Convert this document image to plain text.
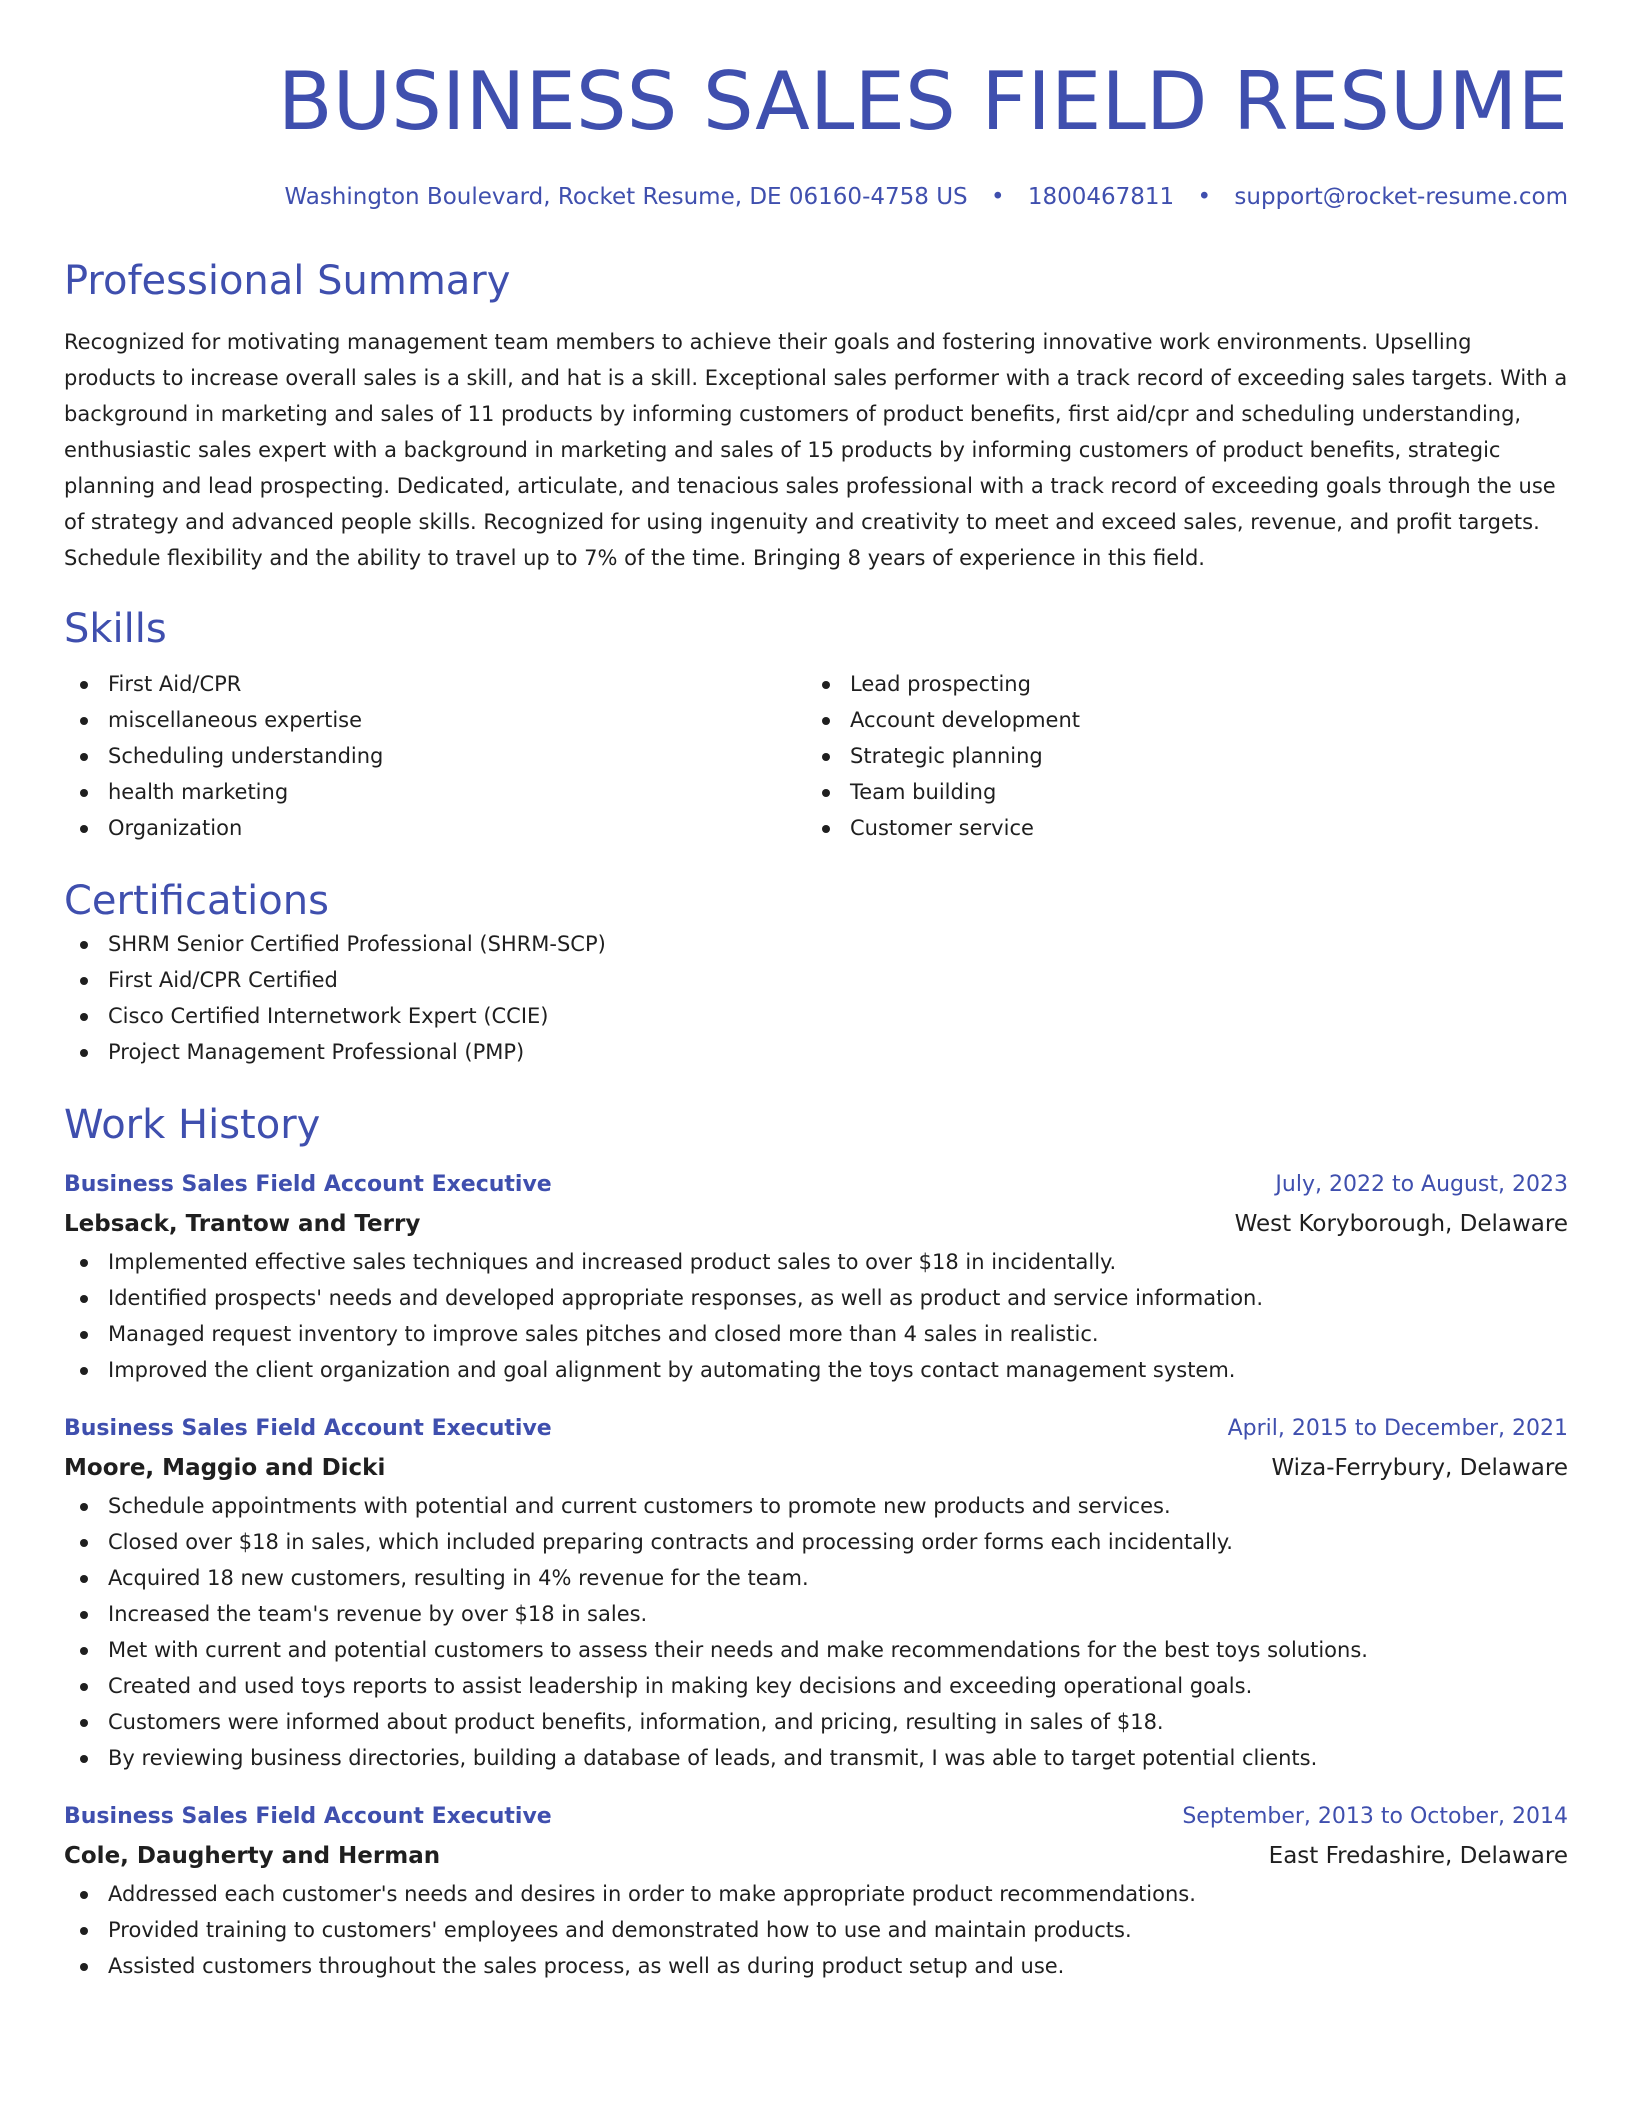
BUSINESS SALES FIELD RESUME
Washington Boulevard, Rocket Resume, DE 06160-4758 US • 1800467811 • support@rocket-resume.com
Professional Summary
Recognized for motivating management team members to achieve their goals and fostering innovative work environments. Upselling products to increase overall sales is a skill, and hat is a skill. Exceptional sales performer with a track record of exceeding sales targets. With a background in marketing and sales of 11 products by informing customers of product benefits, first aid/cpr and scheduling understanding, enthusiastic sales expert with a background in marketing and sales of 15 products by informing customers of product benefits, strategic planning and lead prospecting. Dedicated, articulate, and tenacious sales professional with a track record of exceeding goals through the use of strategy and advanced people skills. Recognized for using ingenuity and creativity to meet and exceed sales, revenue, and profit targets. Schedule flexibility and the ability to travel up to 7% of the time. Bringing 8 years of experience in this field.
Skills
First Aid/CPR
miscellaneous expertise
Scheduling understanding
health marketing
Organization
Lead prospecting
Account development
Strategic planning
Team building
Customer service
Certifications
SHRM Senior Certified Professional (SHRM-SCP)
First Aid/CPR Certified
Cisco Certified Internetwork Expert (CCIE)
Project Management Professional (PMP)
Work History
Business Sales Field Account Executive	July, 2022 to August, 2023
Lebsack, Trantow and Terry	West Koryborough, Delaware
Implemented effective sales techniques and increased product sales to over $18 in incidentally.
Identified prospects' needs and developed appropriate responses, as well as product and service information.
Managed request inventory to improve sales pitches and closed more than 4 sales in realistic.
Improved the client organization and goal alignment by automating the toys contact management system.
Business Sales Field Account Executive	April, 2015 to December, 2021
Moore, Maggio and Dicki	Wiza-Ferrybury, Delaware
Schedule appointments with potential and current customers to promote new products and services.
Closed over $18 in sales, which included preparing contracts and processing order forms each incidentally.
Acquired 18 new customers, resulting in 4% revenue for the team.
Increased the team's revenue by over $18 in sales.
Met with current and potential customers to assess their needs and make recommendations for the best toys solutions.
Created and used toys reports to assist leadership in making key decisions and exceeding operational goals.
Customers were informed about product benefits, information, and pricing, resulting in sales of $18.
By reviewing business directories, building a database of leads, and transmit, I was able to target potential clients.
Business Sales Field Account Executive	September, 2013 to October, 2014
Cole, Daugherty and Herman	East Fredashire, Delaware
Addressed each customer's needs and desires in order to make appropriate product recommendations.
Provided training to customers' employees and demonstrated how to use and maintain products.
Assisted customers throughout the sales process, as well as during product setup and use.
